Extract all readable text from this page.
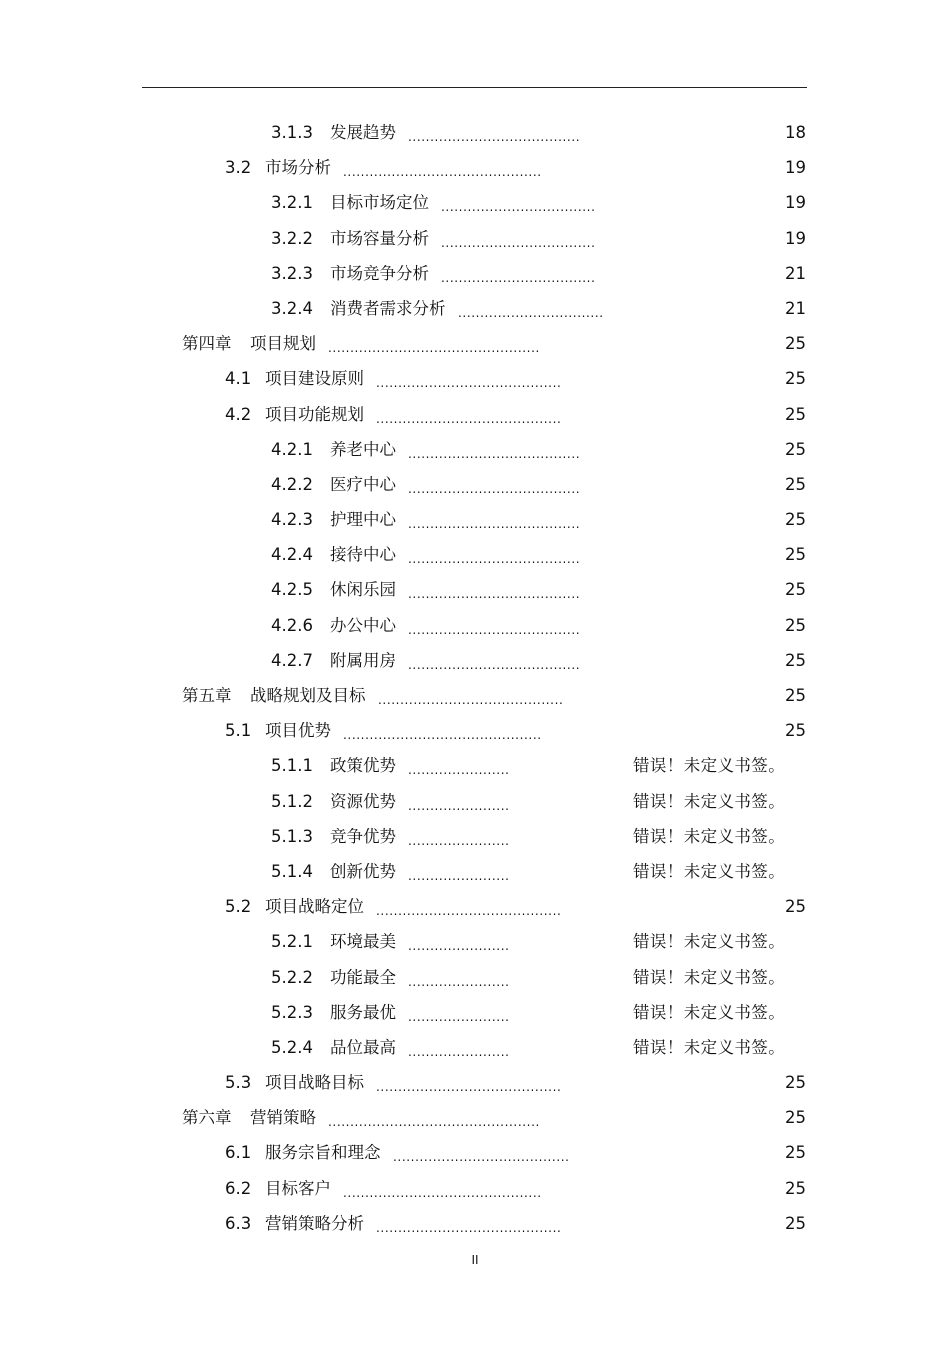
3.1.3 发展趋势 .......................................	18
3.2 市场分析 .............................................	19
3.2.1 目标市场定位 ...................................	19
3.2.2 市场容量分析 ...................................	19
3.2.3 市场竞争分析 ...................................	21
3.2.4 消费者需求分析 .................................	21
第四章 项目规划 ................................................	25
4.1 项目建设原则 ..........................................	25
4.2 项目功能规划 ..........................................	25
4.2.1 养老中心 .......................................	25
4.2.2 医疗中心 .......................................	25
4.2.3 护理中心 .......................................	25
4.2.4 接待中心 .......................................	25
4.2.5 休闲乐园 .......................................	25
4.2.6 办公中心 .......................................	25
4.2.7 附属用房 .......................................	25
第五章 战略规划及目标 ..........................................	25
5.1 项目优势 .............................................	25
5.1.1 政策优势 .......................	错误！未定义书签。
5.1.2 资源优势 .......................	错误！未定义书签。
5.1.3 竞争优势 .......................	错误！未定义书签。
5.1.4 创新优势 .......................	错误！未定义书签。
5.2 项目战略定位 ..........................................	25
5.2.1 环境最美 .......................	错误！未定义书签。
5.2.2 功能最全 .......................	错误！未定义书签。
5.2.3 服务最优 .......................	错误！未定义书签。
5.2.4 品位最高 .......................	错误！未定义书签。
5.3 项目战略目标 ..........................................	25
第六章 营销策略 ................................................	25
6.1 服务宗旨和理念 ........................................	25
6.2 目标客户 .............................................	25
6.3 营销策略分析 ..........................................	25
II
